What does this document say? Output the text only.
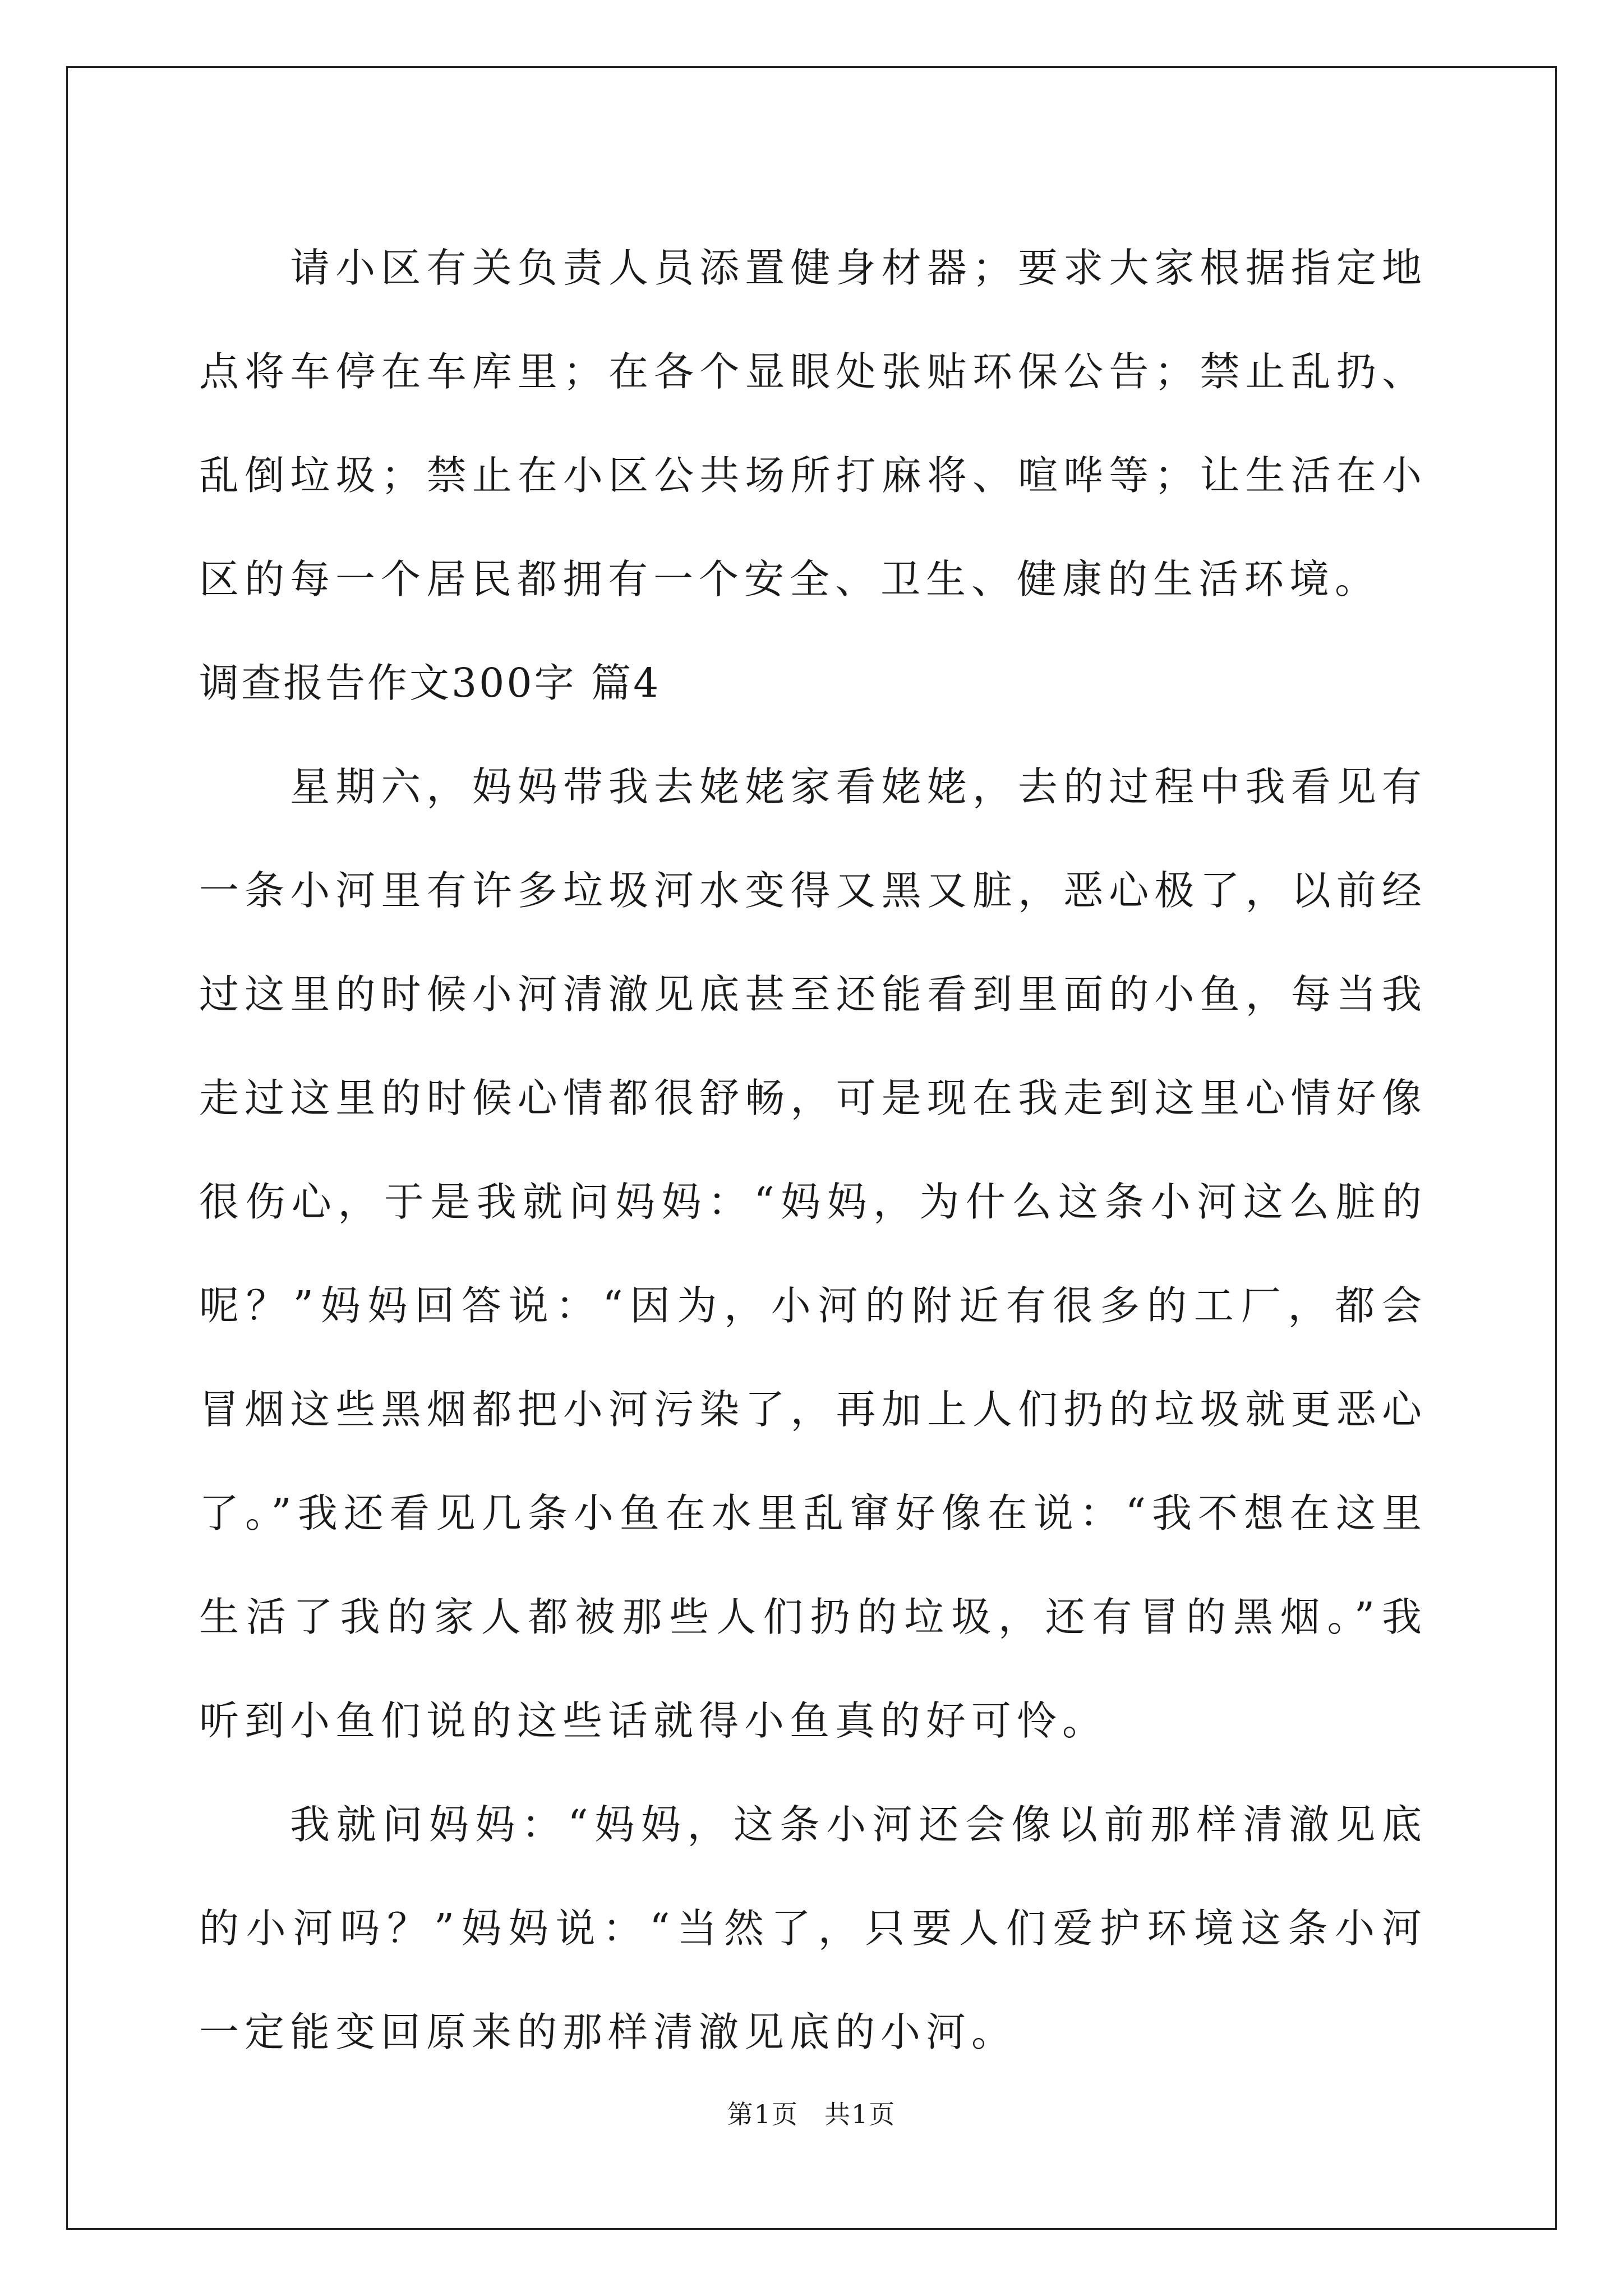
请小区有关负责人员添置健身材器；要求大家根据指定地点将车停在车库里；在各个显眼处张贴环保公告；禁止乱扔、乱倒垃圾；禁止在小区公共场所打麻将、喧哗等；让生活在小区的每一个居民都拥有一个安全、卫生、健康的生活环境。

调查报告作文300字 篇4

星期六，妈妈带我去姥姥家看姥姥，去的过程中我看见有一条小河里有许多垃圾河水变得又黑又脏，恶心极了，以前经过这里的时候小河清澈见底甚至还能看到里面的小鱼，每当我走过这里的时候心情都很舒畅，可是现在我走到这里心情好像很伤心，于是我就问妈妈：“妈妈，为什么这条小河这么脏的呢？”妈妈回答说：“因为，小河的附近有很多的工厂，都会冒烟这些黑烟都把小河污染了，再加上人们扔的垃圾就更恶心了。”我还看见几条小鱼在水里乱窜好像在说：“我不想在这里生活了我的家人都被那些人们扔的垃圾，还有冒的黑烟。”我听到小鱼们说的这些话就得小鱼真的好可怜。

我就问妈妈：“妈妈，这条小河还会像以前那样清澈见底的小河吗？”妈妈说：“当然了，只要人们爱护环境这条小河一定能变回原来的那样清澈见底的小河。

第1页 共1页
